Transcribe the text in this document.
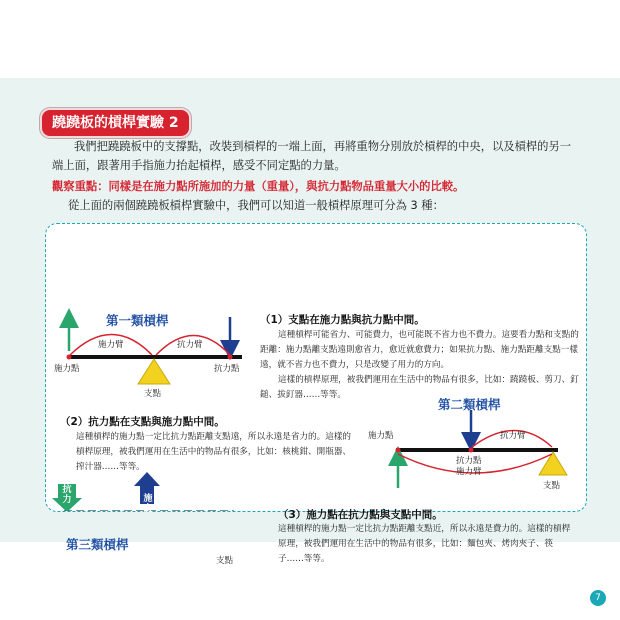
蹺蹺板的槓桿實驗 2
我們把蹺蹺板中的支撐點，改裝到槓桿的一端上面，再將重物分別放於槓桿的中央，以及槓桿的另一端上面，跟著用手指施力抬起槓桿，感受不同定點的力量。
觀察重點：同樣是在施力點所施加的力量（重量），與抗力點物品重量大小的比較。
從上面的兩個蹺蹺板槓桿實驗中，我們可以知道一般槓桿原理可分為 3 種：
第一類槓桿
施力臂	抗力臂
施力點	抗力點
支點
（1）支點在施力點與抗力點中間。
這種槓桿可能省力、可能費力，也可能既不省力也不費力。這要看力點和支點的距離：施力點離支點遠則愈省力，愈近就愈費力；如果抗力點、施力點距離支點一樣遠，就不省力也不費力，只是改變了用力的方向。
這樣的槓桿原理，被我們運用在生活中的物品有很多，比如：蹺蹺板、剪刀、釘鎚、拔釘器……等等。
第二類槓桿
施力點	抗力臂
抗力點
施力臂
支點
（2）抗力點在支點與施力點中間。
這種槓桿的施力點一定比抗力點距離支點遠，所以永遠是省力的。這樣的槓桿原理，被我們運用在生活中的物品有很多，比如：核桃鉗、開瓶器、搾汁器……等等。
抗力	施力
第三類槓桿
支點
（3）施力點在抗力點與支點中間。
這種槓桿的施力點一定比抗力點距離支點近，所以永遠是費力的。這樣的槓桿原理，被我們運用在生活中的物品有很多，比如：麵包夾、烤肉夾子、筷子……等等。
7
